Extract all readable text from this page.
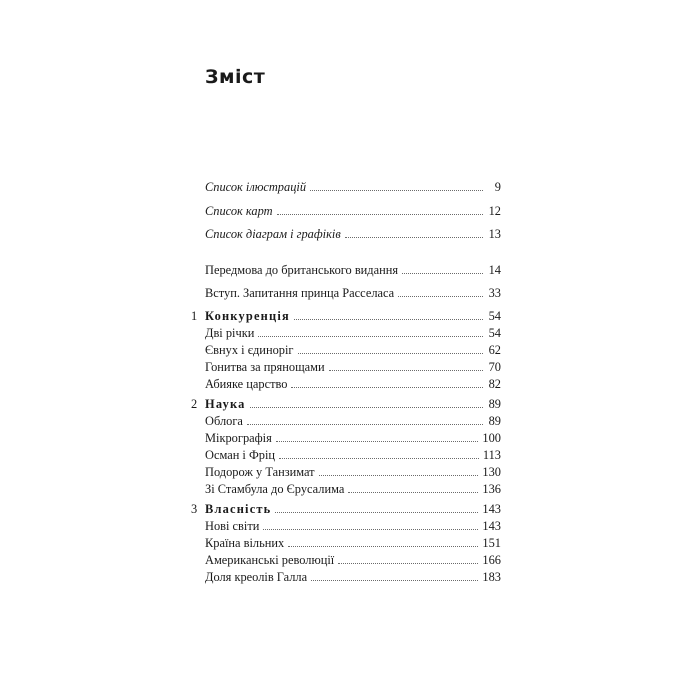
Зміст
Список ілюстрацій	9
Список карт	12
Список діаграм і графіків	13
Передмова до британського видання	14
Вступ. Запитання принца Расселаса	33
1 Конкуренція	54
Дві річки	54
Євнух і єдиноріг	62
Гонитва за прянощами	70
Абияке царство	82
2 Наука	89
Облога	89
Мікрографія	100
Осман і Фріц	113
Подорож у Танзимат	130
Зі Стамбула до Єрусалима	136
3 Власність	143
Нові світи	143
Країна вільних	151
Американські революції	166
Доля креолів Галла	183
